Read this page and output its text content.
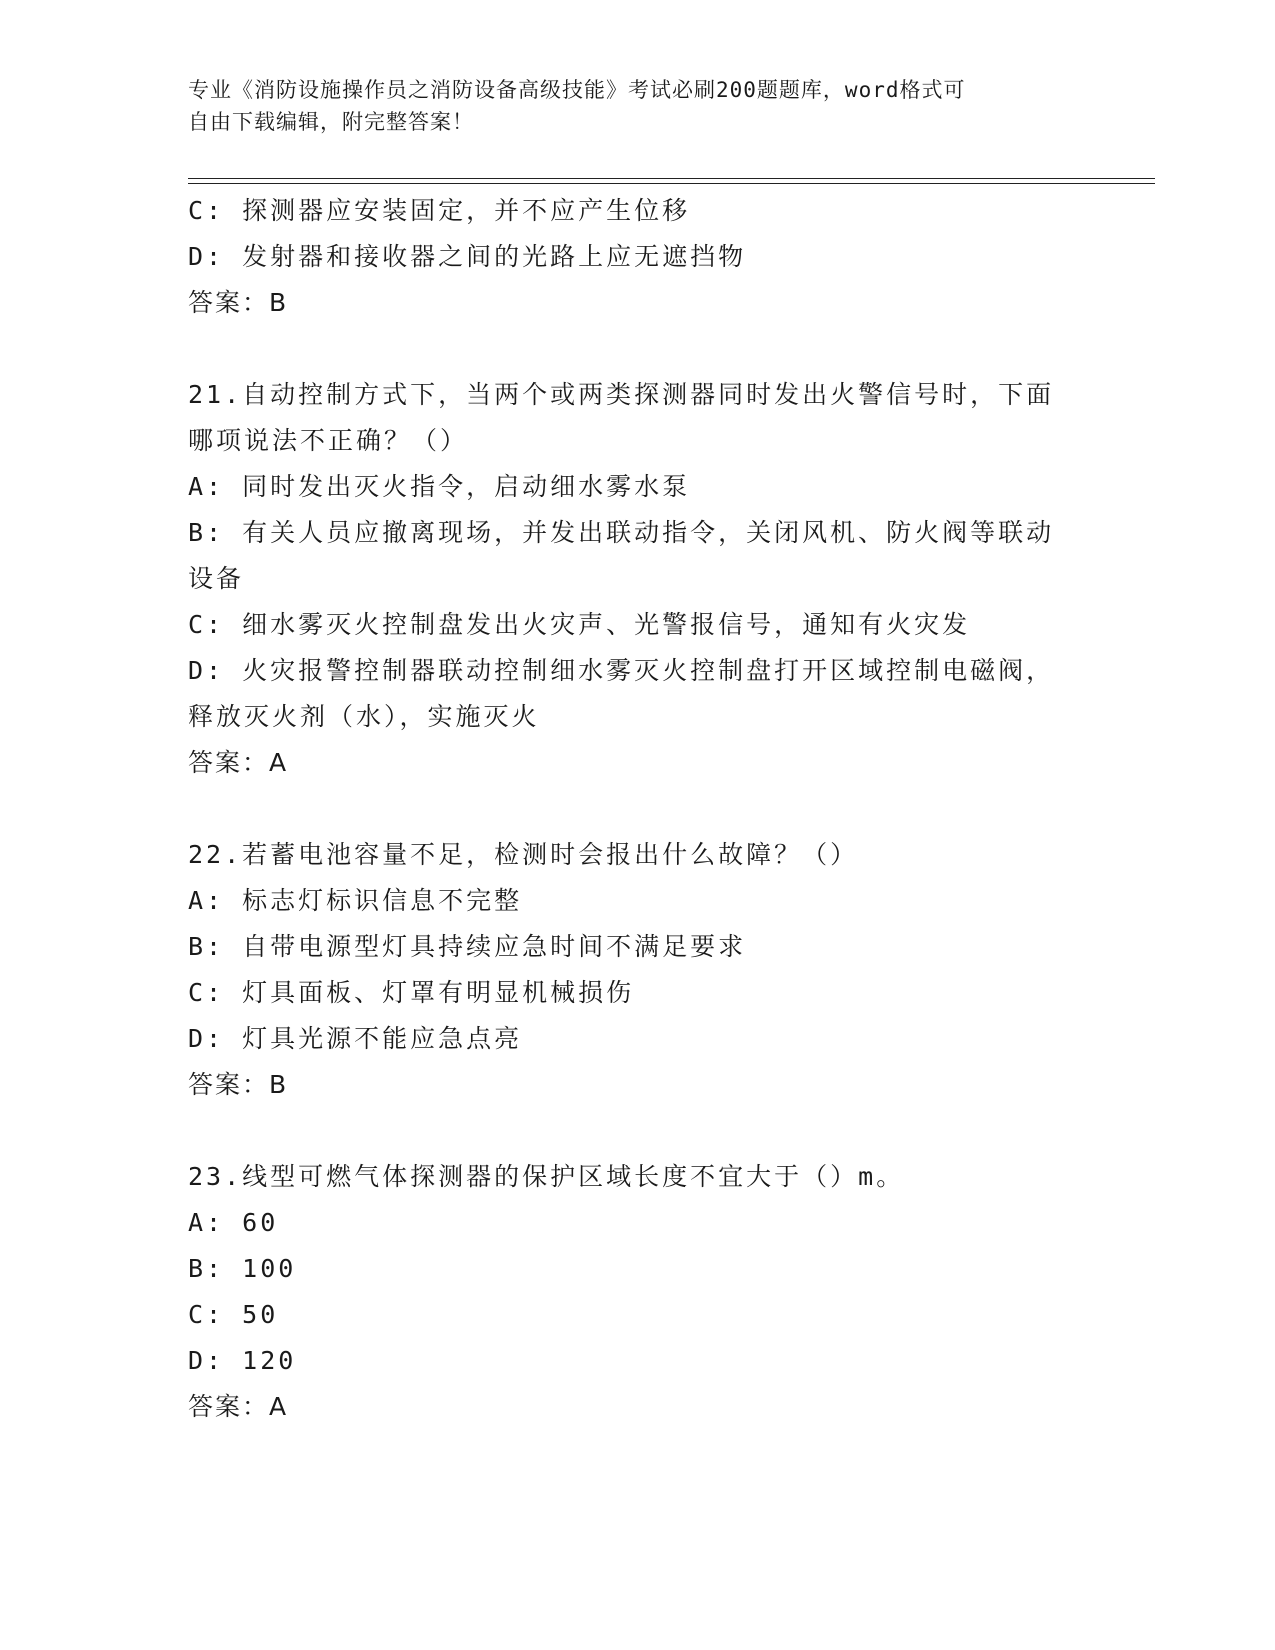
专业《消防设施操作员之消防设备高级技能》考试必刷200题题库，word格式可
自由下载编辑，附完整答案！
C: 探测器应安装固定，并不应产生位移
D: 发射器和接收器之间的光路上应无遮挡物
答案：B
21.自动控制方式下，当两个或两类探测器同时发出火警信号时，下面
哪项说法不正确？（）
A: 同时发出灭火指令，启动细水雾水泵
B: 有关人员应撤离现场，并发出联动指令，关闭风机、防火阀等联动
设备
C: 细水雾灭火控制盘发出火灾声、光警报信号，通知有火灾发
D: 火灾报警控制器联动控制细水雾灭火控制盘打开区域控制电磁阀，
释放灭火剂（水），实施灭火
答案：A
22.若蓄电池容量不足，检测时会报出什么故障？（）
A: 标志灯标识信息不完整
B: 自带电源型灯具持续应急时间不满足要求
C: 灯具面板、灯罩有明显机械损伤
D: 灯具光源不能应急点亮
答案：B
23.线型可燃气体探测器的保护区域长度不宜大于（）m。
A: 60
B: 100
C: 50
D: 120
答案：A
